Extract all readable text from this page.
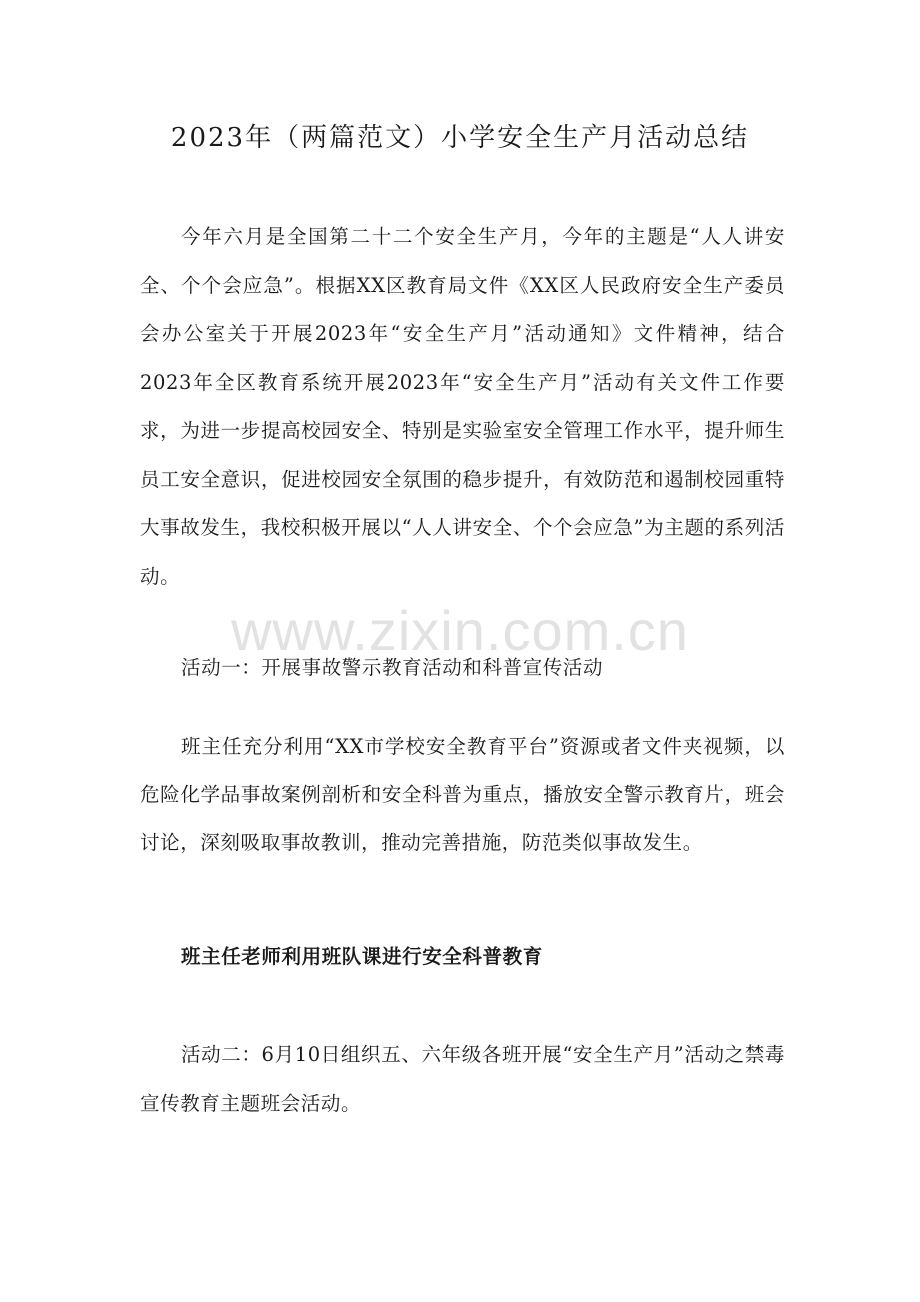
2023年（两篇范文）小学安全生产月活动总结

今年六月是全国第二十二个安全生产月，今年的主题是“人人讲安全、个个会应急”。根据XX区教育局文件《XX区人民政府安全生产委员会办公室关于开展2023年“安全生产月”活动通知》文件精神，结合2023年全区教育系统开展2023年“安全生产月”活动有关文件工作要求，为进一步提高校园安全、特别是实验室安全管理工作水平，提升师生员工安全意识，促进校园安全氛围的稳步提升，有效防范和遏制校园重特大事故发生，我校积极开展以“人人讲安全、个个会应急”为主题的系列活动。

www.zixin.com.cn

活动一：开展事故警示教育活动和科普宣传活动

班主任充分利用“XX市学校安全教育平台”资源或者文件夹视频，以危险化学品事故案例剖析和安全科普为重点，播放安全警示教育片，班会讨论，深刻吸取事故教训，推动完善措施，防范类似事故发生。

班主任老师利用班队课进行安全科普教育

活动二：6月10日组织五、六年级各班开展“安全生产月”活动之禁毒宣传教育主题班会活动。
